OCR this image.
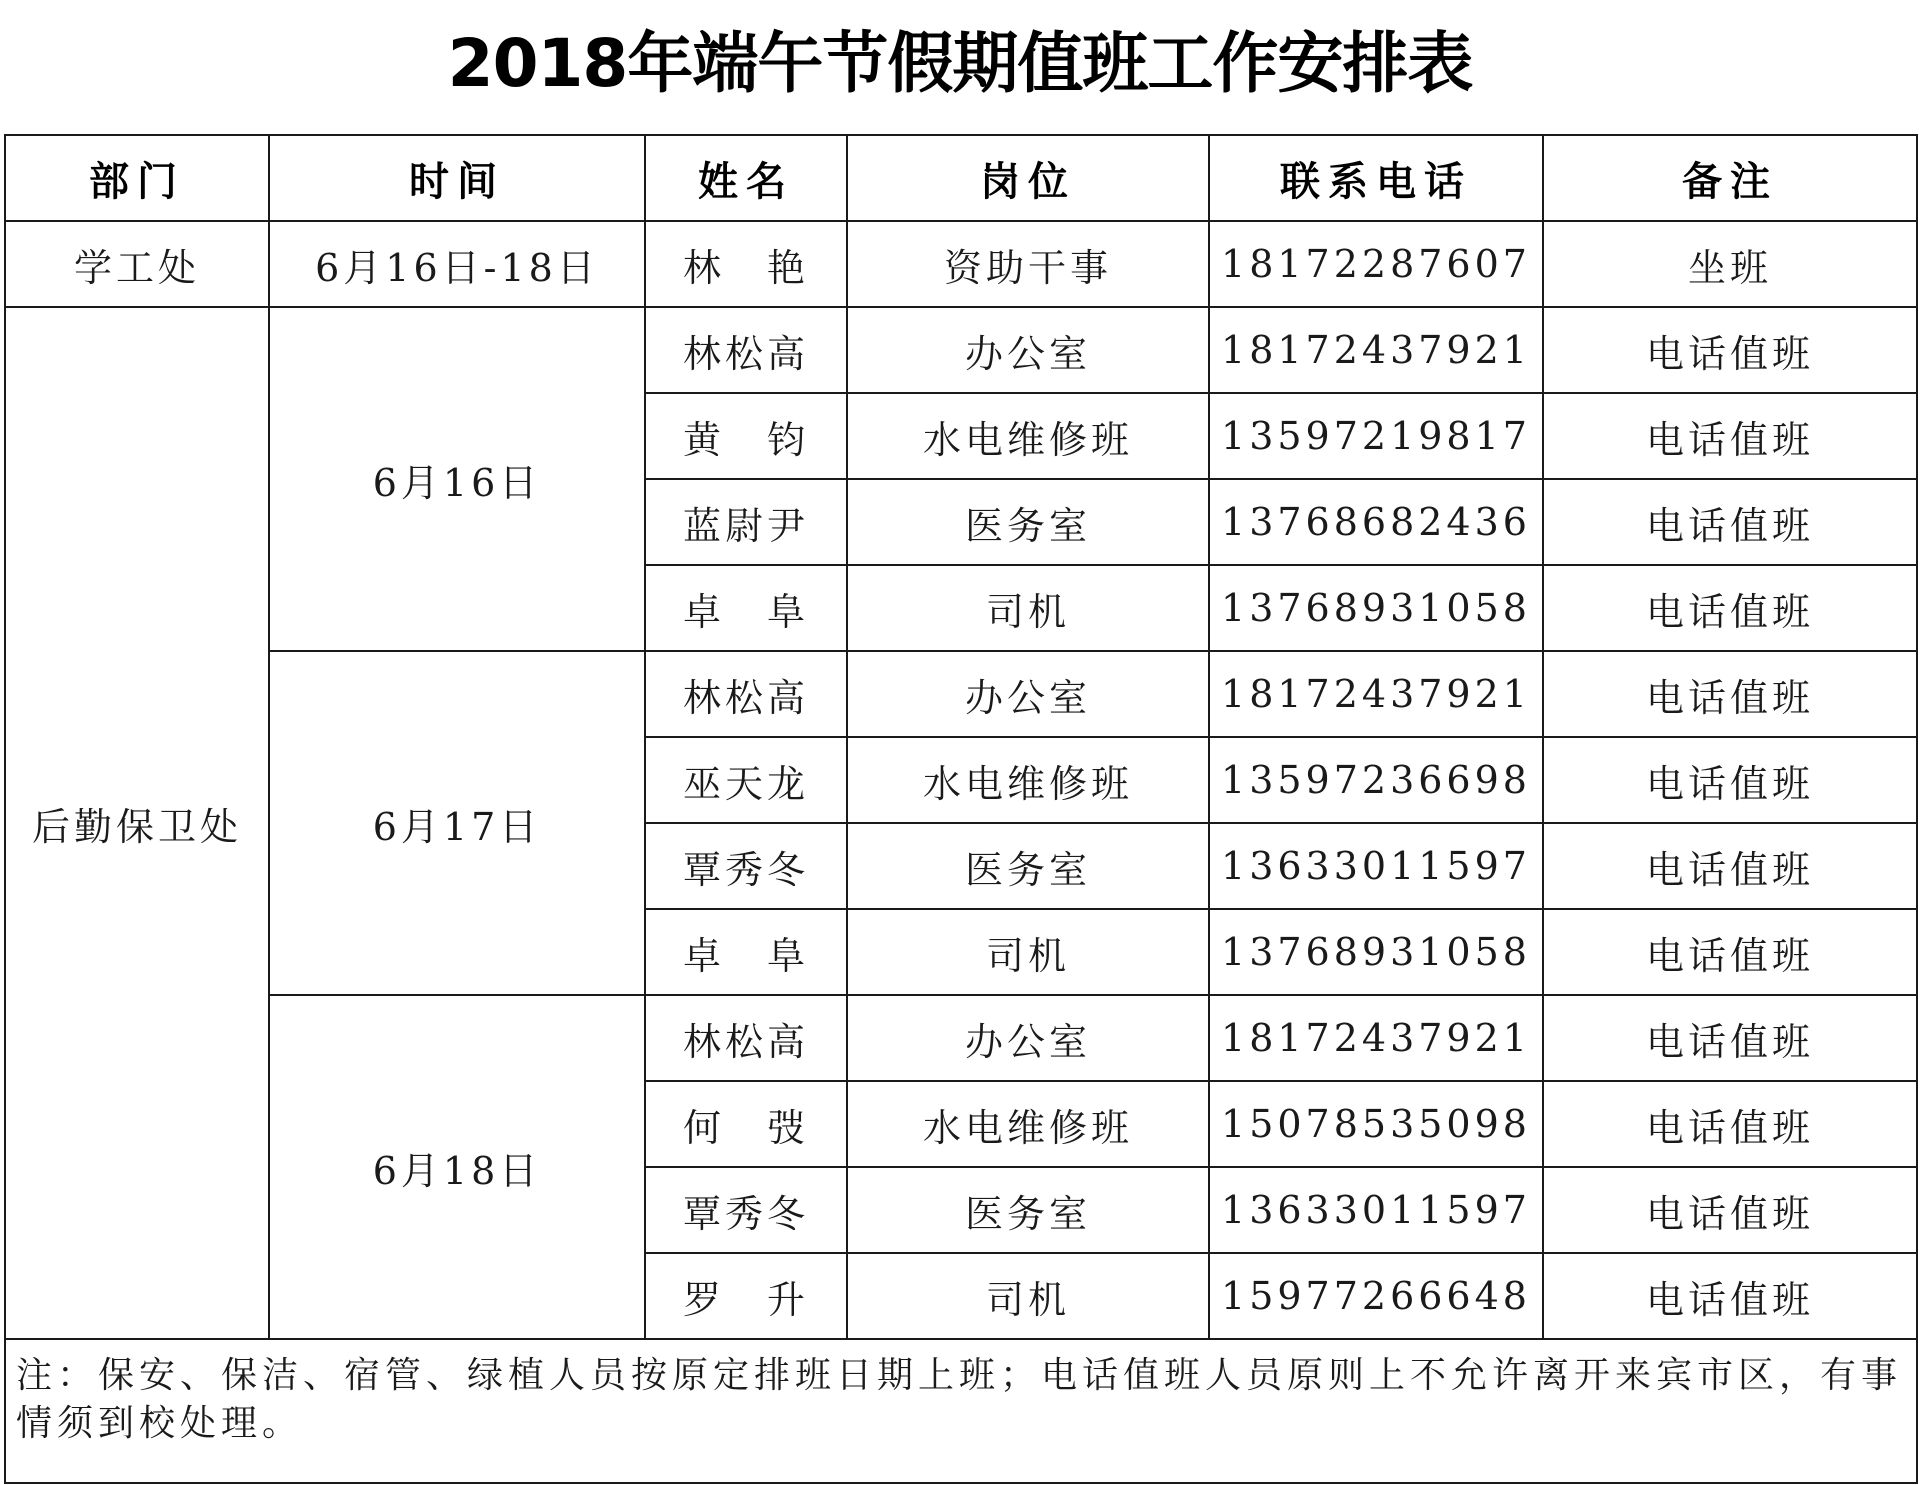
2018年端午节假期值班工作安排表
部门	时间	姓名	岗位	联系电话	备注
学工处	6月16日-18日	林　艳	资助干事	18172287607	坐班
后勤保卫处	6月16日	林松高	办公室	18172437921	电话值班
		黄　钧	水电维修班	13597219817	电话值班
		蓝尉尹	医务室	13768682436	电话值班
		卓　阜	司机	13768931058	电话值班
	6月17日	林松高	办公室	18172437921	电话值班
		巫天龙	水电维修班	13597236698	电话值班
		覃秀冬	医务室	13633011597	电话值班
		卓　阜	司机	13768931058	电话值班
	6月18日	林松高	办公室	18172437921	电话值班
		何　弢	水电维修班	15078535098	电话值班
		覃秀冬	医务室	13633011597	电话值班
		罗　升	司机	15977266648	电话值班
注：保安、保洁、宿管、绿植人员按原定排班日期上班；电话值班人员原则上不允许离开来宾市区，有事情须到校处理。					
